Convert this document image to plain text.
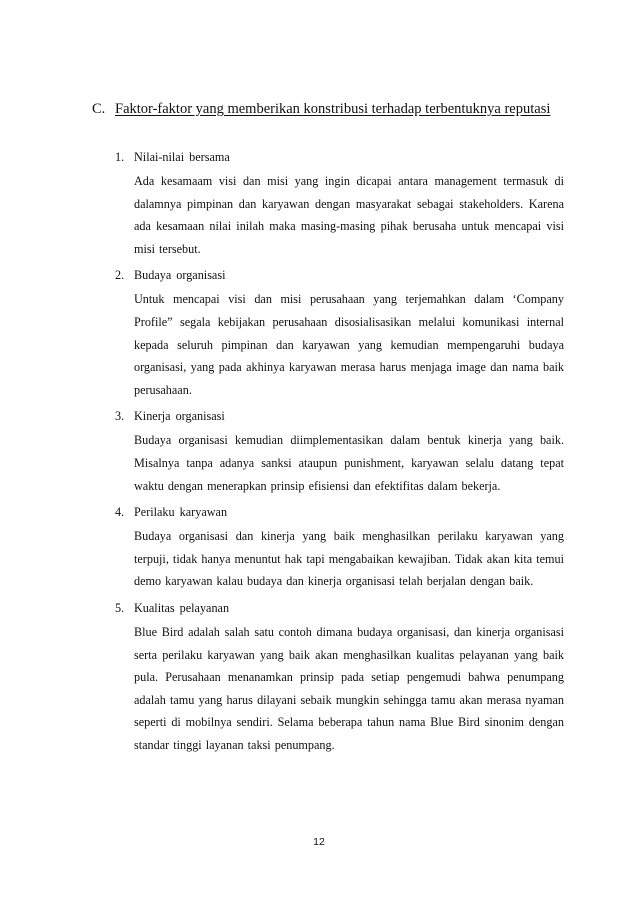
C. Faktor-faktor yang memberikan konstribusi terhadap terbentuknya reputasi
1. Nilai-nilai bersama
Ada kesamaam visi dan misi yang ingin dicapai antara management termasuk di dalamnya pimpinan dan karyawan dengan masyarakat sebagai stakeholders. Karena ada kesamaan nilai inilah maka masing-masing pihak berusaha untuk mencapai visi misi tersebut.
2. Budaya organisasi
Untuk mencapai visi dan misi perusahaan yang terjemahkan dalam ‘Company Profile” segala kebijakan perusahaan disosialisasikan melalui komunikasi internal kepada seluruh pimpinan dan karyawan yang kemudian mempengaruhi budaya organisasi, yang pada akhinya karyawan merasa harus menjaga image dan nama baik perusahaan.
3. Kinerja organisasi
Budaya organisasi kemudian diimplementasikan dalam bentuk kinerja yang baik. Misalnya tanpa adanya sanksi ataupun punishment, karyawan selalu datang tepat waktu dengan menerapkan prinsip efisiensi dan efektifitas dalam bekerja.
4. Perilaku karyawan
Budaya organisasi dan kinerja yang baik menghasilkan perilaku karyawan yang terpuji, tidak hanya menuntut hak tapi mengabaikan kewajiban. Tidak akan kita temui demo karyawan kalau budaya dan kinerja organisasi telah berjalan dengan baik.
5. Kualitas pelayanan
Blue Bird adalah salah satu contoh dimana budaya organisasi, dan kinerja organisasi serta perilaku karyawan yang baik akan menghasilkan kualitas pelayanan yang baik pula. Perusahaan menanamkan prinsip pada setiap pengemudi bahwa penumpang adalah tamu yang harus dilayani sebaik mungkin sehingga tamu akan merasa nyaman seperti di mobilnya sendiri. Selama beberapa tahun nama Blue Bird sinonim dengan standar tinggi layanan taksi penumpang.
12
